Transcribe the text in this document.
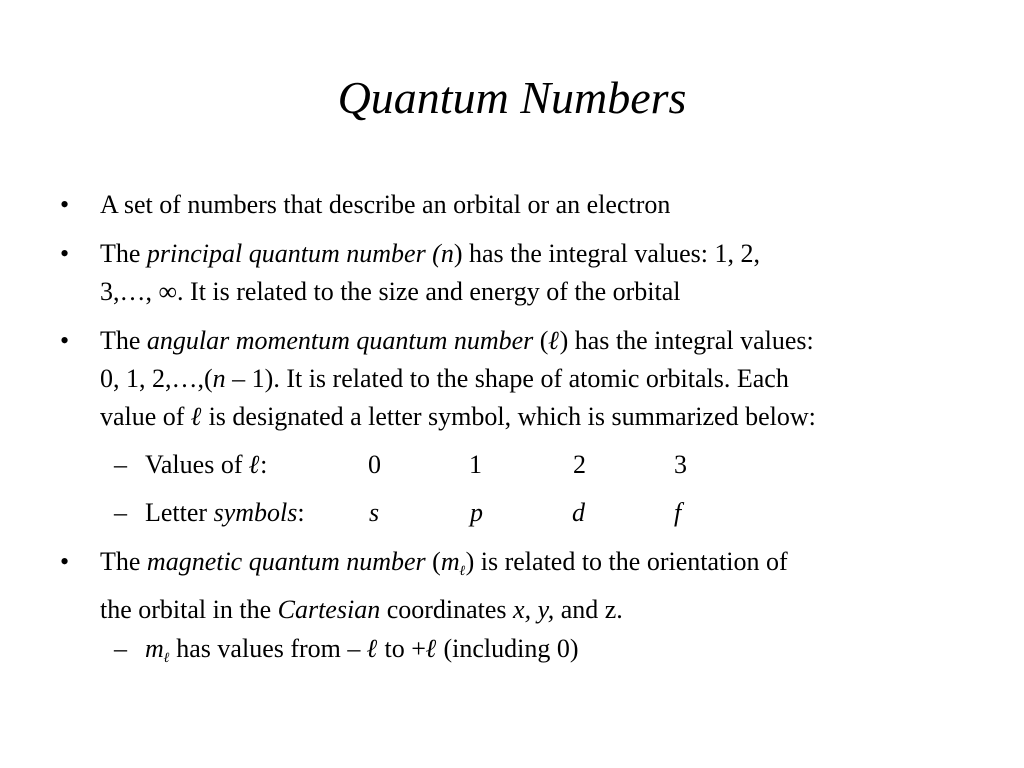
Quantum Numbers
• A set of numbers that describe an orbital or an electron
• The principal quantum number (n) has the integral values: 1, 2,
3,…, ∞. It is related to the size and energy of the orbital
• The angular momentum quantum number (ℓ) has the integral values:
0, 1, 2,…,(n – 1). It is related to the shape of atomic orbitals. Each
value of ℓ is designated a letter symbol, which is summarized below:
– Values of ℓ:	0	1	2	3
– Letter symbols: s	p	d	f
• The magnetic quantum number $(m_\ell)$ is related to the orientation of
the orbital in the Cartesian coordinates x, y, and z.
– $m_\ell$ has values from – ℓ to +ℓ (including 0)
